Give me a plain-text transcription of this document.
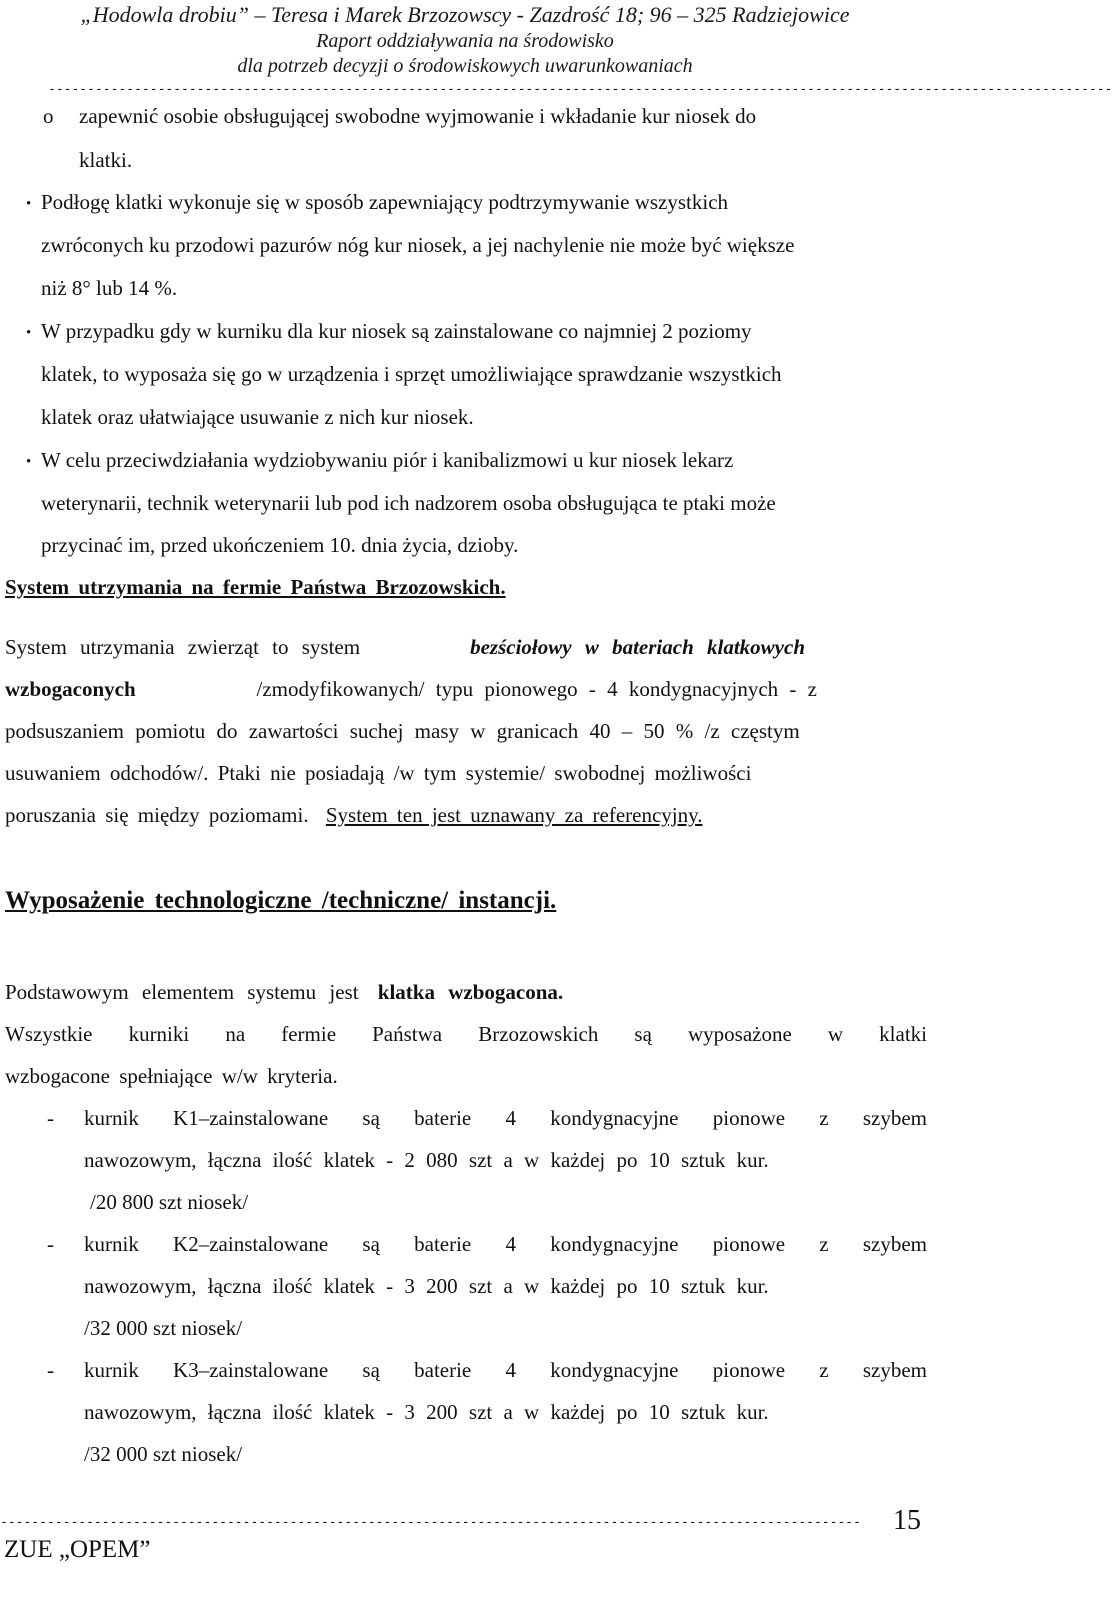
„Hodowla drobiu” – Teresa i Marek Brzozowscy - Zazdrość 18; 96 – 325 Radziejowice
Raport oddziaływania na środowisko
dla potrzeb decyzji o środowiskowych uwarunkowaniach
----------------------------------------------------------------------------------------------------------------------------------------
o zapewnić osobie obsługującej swobodne wyjmowanie i wkładanie kur niosek do
klatki.
• Podłogę klatki wykonuje się w sposób zapewniający podtrzymywanie wszystkich
zwróconych ku przodowi pazurów nóg kur niosek, a jej nachylenie nie może być większe
niż 8° lub 14 %.
• W przypadku gdy w kurniku dla kur niosek są zainstalowane co najmniej 2 poziomy
klatek, to wyposaża się go w urządzenia i sprzęt umożliwiające sprawdzanie wszystkich
klatek oraz ułatwiające usuwanie z nich kur niosek.
• W celu przeciwdziałania wydziobywaniu piór i kanibalizmowi u kur niosek lekarz
weterynarii, technik weterynarii lub pod ich nadzorem osoba obsługująca te ptaki może
przycinać im, przed ukończeniem 10. dnia życia, dzioby.
System utrzymania na fermie Państwa Brzozowskich.
System utrzymania zwierząt to system	bezściołowy w bateriach klatkowych
wzbogaconych	/zmodyfikowanych/ typu pionowego - 4 kondygnacyjnych - z
podsuszaniem pomiotu do zawartości suchej masy w granicach 40 – 50 % /z częstym
usuwaniem odchodów/. Ptaki nie posiadają /w tym systemie/ swobodnej możliwości
poruszania się między poziomami. System ten jest uznawany za referencyjny.
Wyposażenie technologiczne /techniczne/ instancji.
Podstawowym elementem systemu jest klatka wzbogacona.
Wszystkie kurniki na fermie Państwa Brzozowskich są wyposażone w klatki
wzbogacone spełniające w/w kryteria.
- kurnik K1–zainstalowane są baterie 4 kondygnacyjne pionowe z szybem
nawozowym, łączna ilość klatek - 2 080 szt a w każdej po 10 sztuk kur.
/20 800 szt niosek/
- kurnik K2–zainstalowane są baterie 4 kondygnacyjne pionowe z szybem
nawozowym, łączna ilość klatek - 3 200 szt a w każdej po 10 sztuk kur.
/32 000 szt niosek/
- kurnik K3–zainstalowane są baterie 4 kondygnacyjne pionowe z szybem
nawozowym, łączna ilość klatek - 3 200 szt a w każdej po 10 sztuk kur.
/32 000 szt niosek/
--------------------------------------------------------------------------------------------------------------
ZUE „OPEM”
15
